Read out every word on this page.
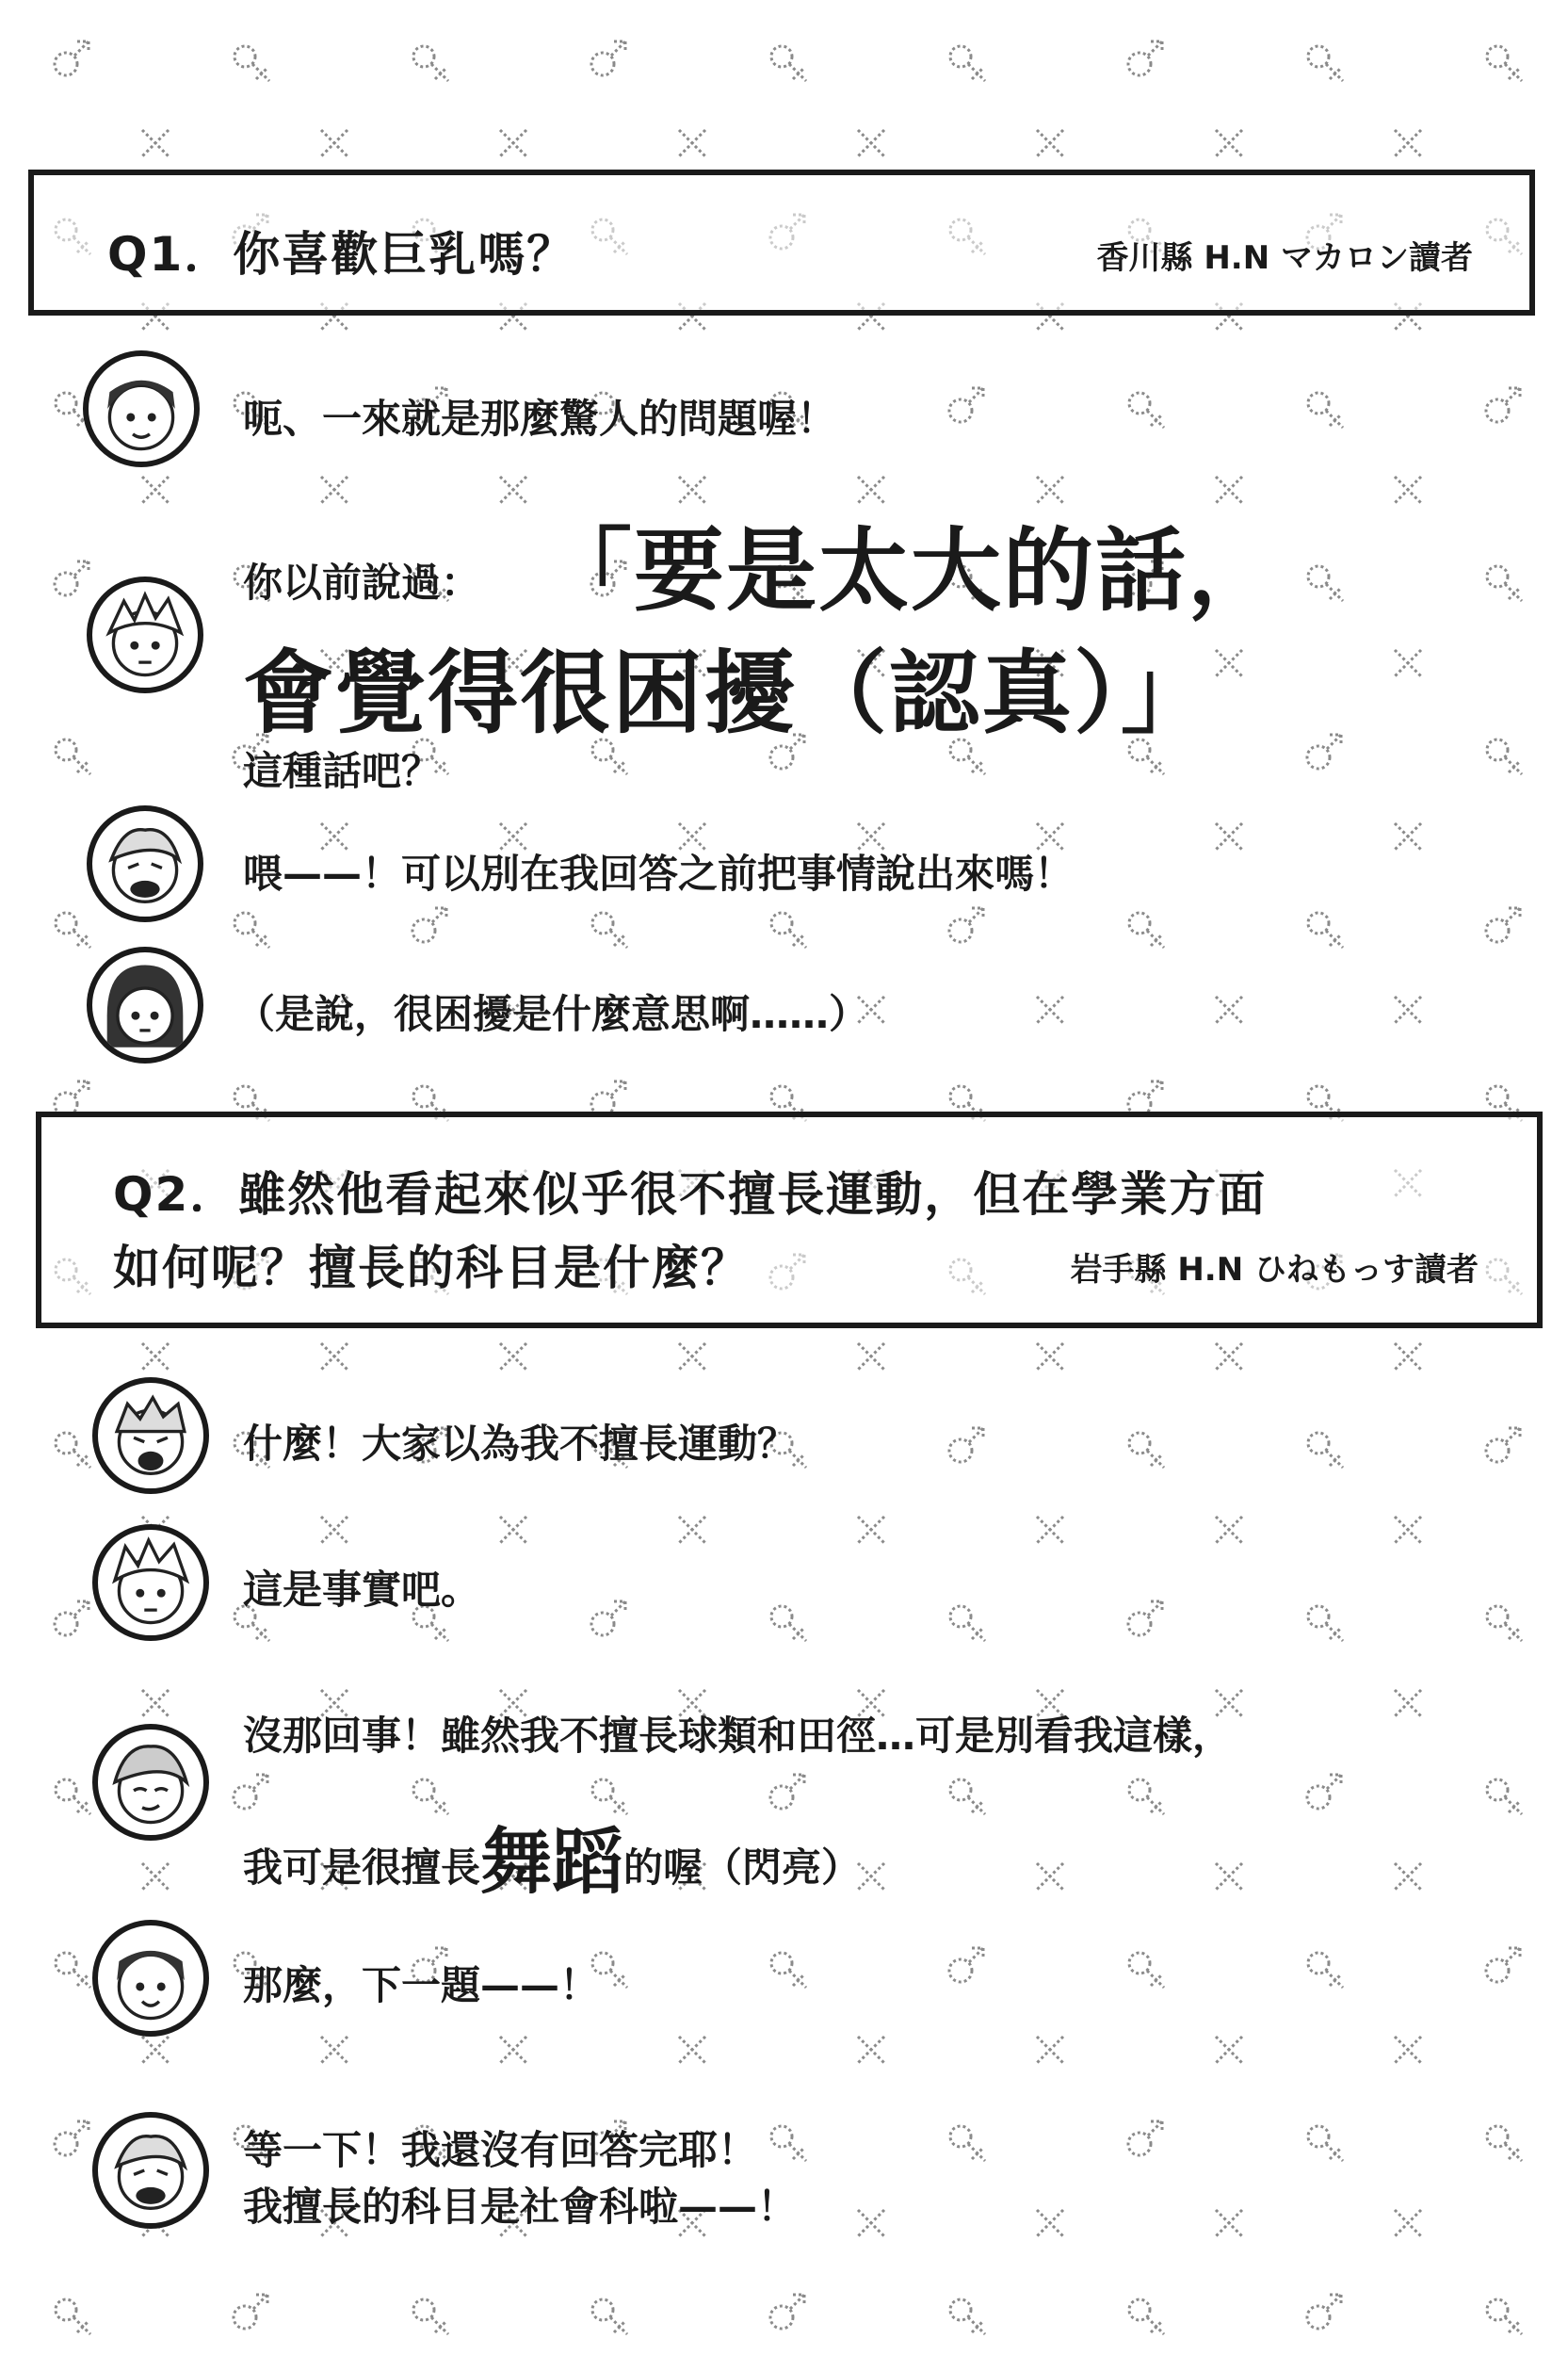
Q1．你喜歡巨乳嗎？	香川縣 H.N マカロン讀者
呃、一來就是那麼驚人的問題喔！
你以前說過： 「要是太大的話，
會覺得很困擾（認真）」
這種話吧？
喂——！可以別在我回答之前把事情說出來嗎！
（是說，很困擾是什麼意思啊……）
Q2．雖然他看起來似乎很不擅長運動，但在學業方面
如何呢？擅長的科目是什麼？	岩手縣 H.N ひねもっす讀者
什麼！大家以為我不擅長運動？
這是事實吧。
沒那回事！雖然我不擅長球類和田徑…可是別看我這樣，
我可是很擅長舞蹈的喔（閃亮）
那麼，下一題——！
等一下！我還沒有回答完耶！
我擅長的科目是社會科啦——！
